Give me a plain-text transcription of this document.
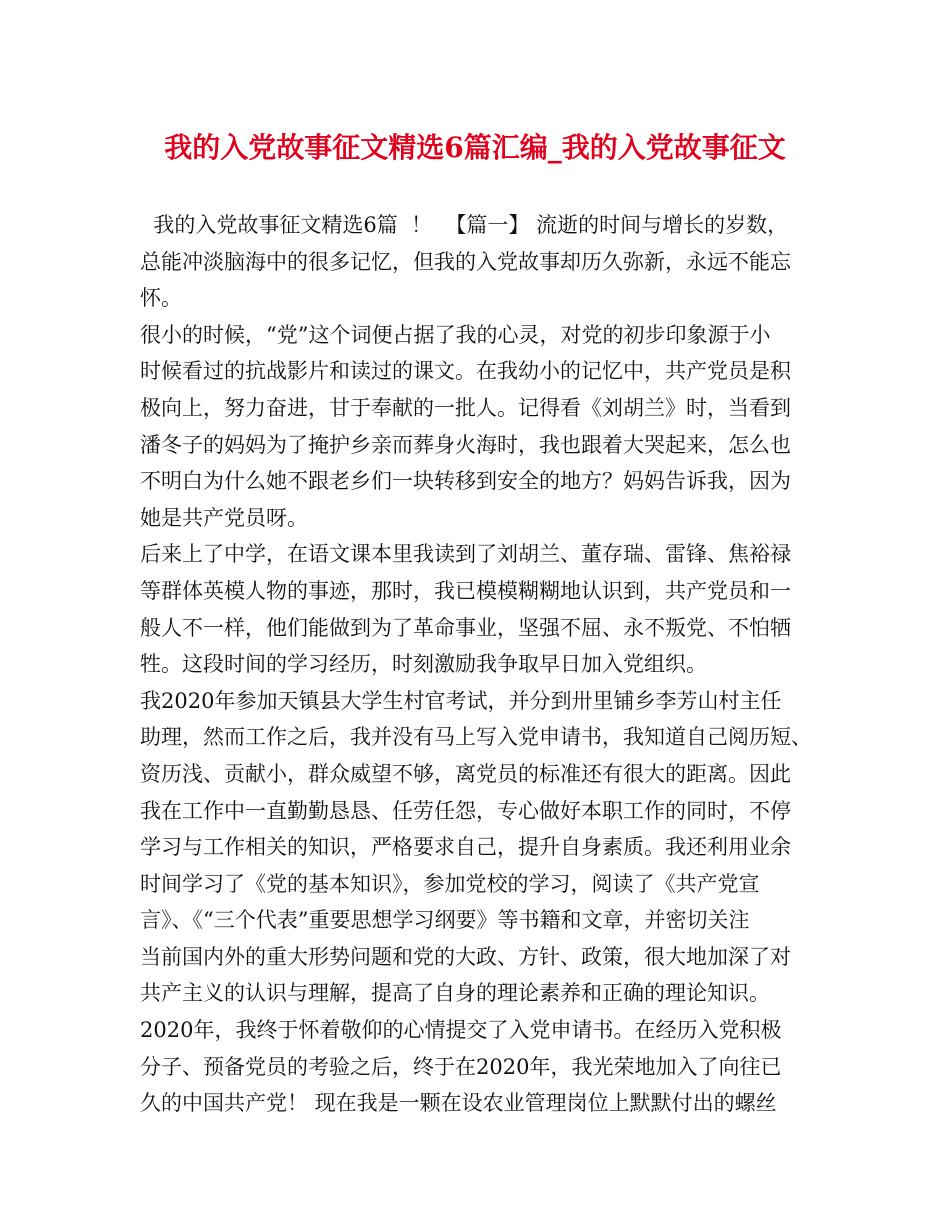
我的入党故事征文精选6篇汇编_我的入党故事征文
我的入党故事征文精选6篇  ！  【篇一】 流逝的时间与增长的岁数，
总能冲淡脑海中的很多记忆，但我的入党故事却历久弥新，永远不能忘
怀。
很小的时候，“党”这个词便占据了我的心灵，对党的初步印象源于小
时候看过的抗战影片和读过的课文。在我幼小的记忆中，共产党员是积
极向上，努力奋进，甘于奉献的一批人。记得看《刘胡兰》时，当看到
潘冬子的妈妈为了掩护乡亲而葬身火海时，我也跟着大哭起来，怎么也
不明白为什么她不跟老乡们一块转移到安全的地方？妈妈告诉我，因为
她是共产党员呀。
后来上了中学，在语文课本里我读到了刘胡兰、董存瑞、雷锋、焦裕禄
等群体英模人物的事迹，那时，我已模模糊糊地认识到，共产党员和一
般人不一样，他们能做到为了革命事业，坚强不屈、永不叛党、不怕牺
牲。这段时间的学习经历，时刻激励我争取早日加入党组织。
我2020年参加天镇县大学生村官考试，并分到卅里铺乡李芳山村主任
助理，然而工作之后，我并没有马上写入党申请书，我知道自己阅历短、
资历浅、贡献小，群众威望不够，离党员的标准还有很大的距离。因此
我在工作中一直勤勤恳恳、任劳任怨，专心做好本职工作的同时，不停
学习与工作相关的知识，严格要求自己，提升自身素质。我还利用业余
时间学习了《党的基本知识》，参加党校的学习，阅读了《共产党宣
言》、《“三个代表”重要思想学习纲要》等书籍和文章，并密切关注
当前国内外的重大形势问题和党的大政、方针、政策，很大地加深了对
共产主义的认识与理解，提高了自身的理论素养和正确的理论知识。
2020年，我终于怀着敬仰的心情提交了入党申请书。在经历入党积极
分子、预备党员的考验之后，终于在2020年，我光荣地加入了向往已
久的中国共产党！ 现在我是一颗在设农业管理岗位上默默付出的螺丝
